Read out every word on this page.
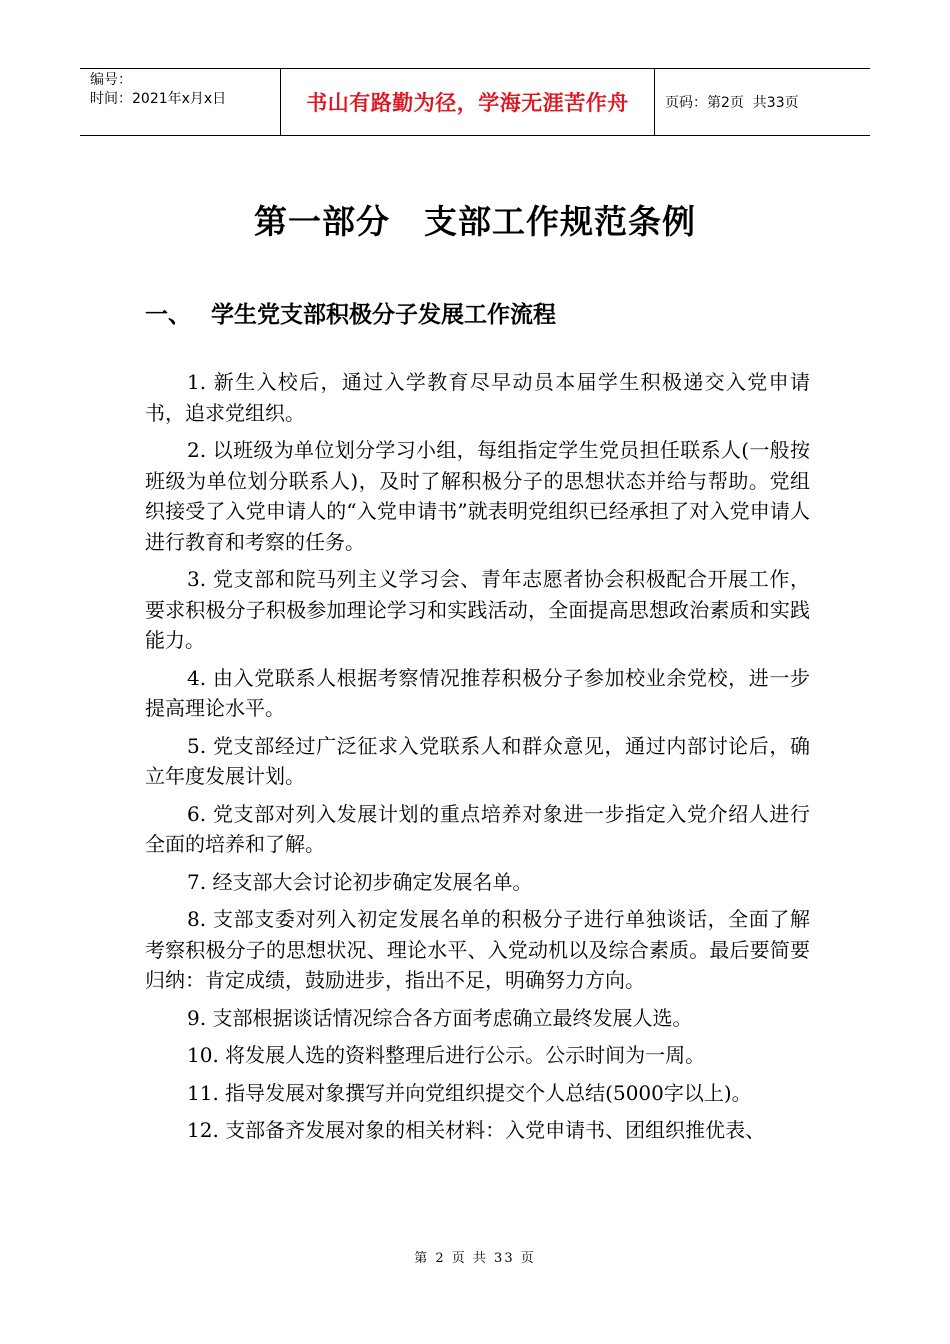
编号：
时间：2021年x月x日	书山有路勤为径，学海无涯苦作舟	页码：第2页  共33页
第一部分　支部工作规范条例
一、 学生党支部积极分子发展工作流程

1. 新生入校后，通过入学教育尽早动员本届学生积极递交入党申请书，追求党组织。

2. 以班级为单位划分学习小组，每组指定学生党员担任联系人(一般按班级为单位划分联系人)，及时了解积极分子的思想状态并给与帮助。党组织接受了入党申请人的“入党申请书”就表明党组织已经承担了对入党申请人进行教育和考察的任务。

3. 党支部和院马列主义学习会、青年志愿者协会积极配合开展工作，要求积极分子积极参加理论学习和实践活动，全面提高思想政治素质和实践能力。

4. 由入党联系人根据考察情况推荐积极分子参加校业余党校，进一步提高理论水平。

5. 党支部经过广泛征求入党联系人和群众意见，通过内部讨论后，确立年度发展计划。

6. 党支部对列入发展计划的重点培养对象进一步指定入党介绍人进行全面的培养和了解。

7. 经支部大会讨论初步确定发展名单。

8. 支部支委对列入初定发展名单的积极分子进行单独谈话，全面了解考察积极分子的思想状况、理论水平、入党动机以及综合素质。最后要简要归纳：肯定成绩，鼓励进步，指出不足，明确努力方向。

9. 支部根据谈话情况综合各方面考虑确立最终发展人选。

10. 将发展人选的资料整理后进行公示。公示时间为一周。

11. 指导发展对象撰写并向党组织提交个人总结(5000字以上)。

12. 支部备齐发展对象的相关材料：入党申请书、团组织推优表、

第 2 页 共 33 页
